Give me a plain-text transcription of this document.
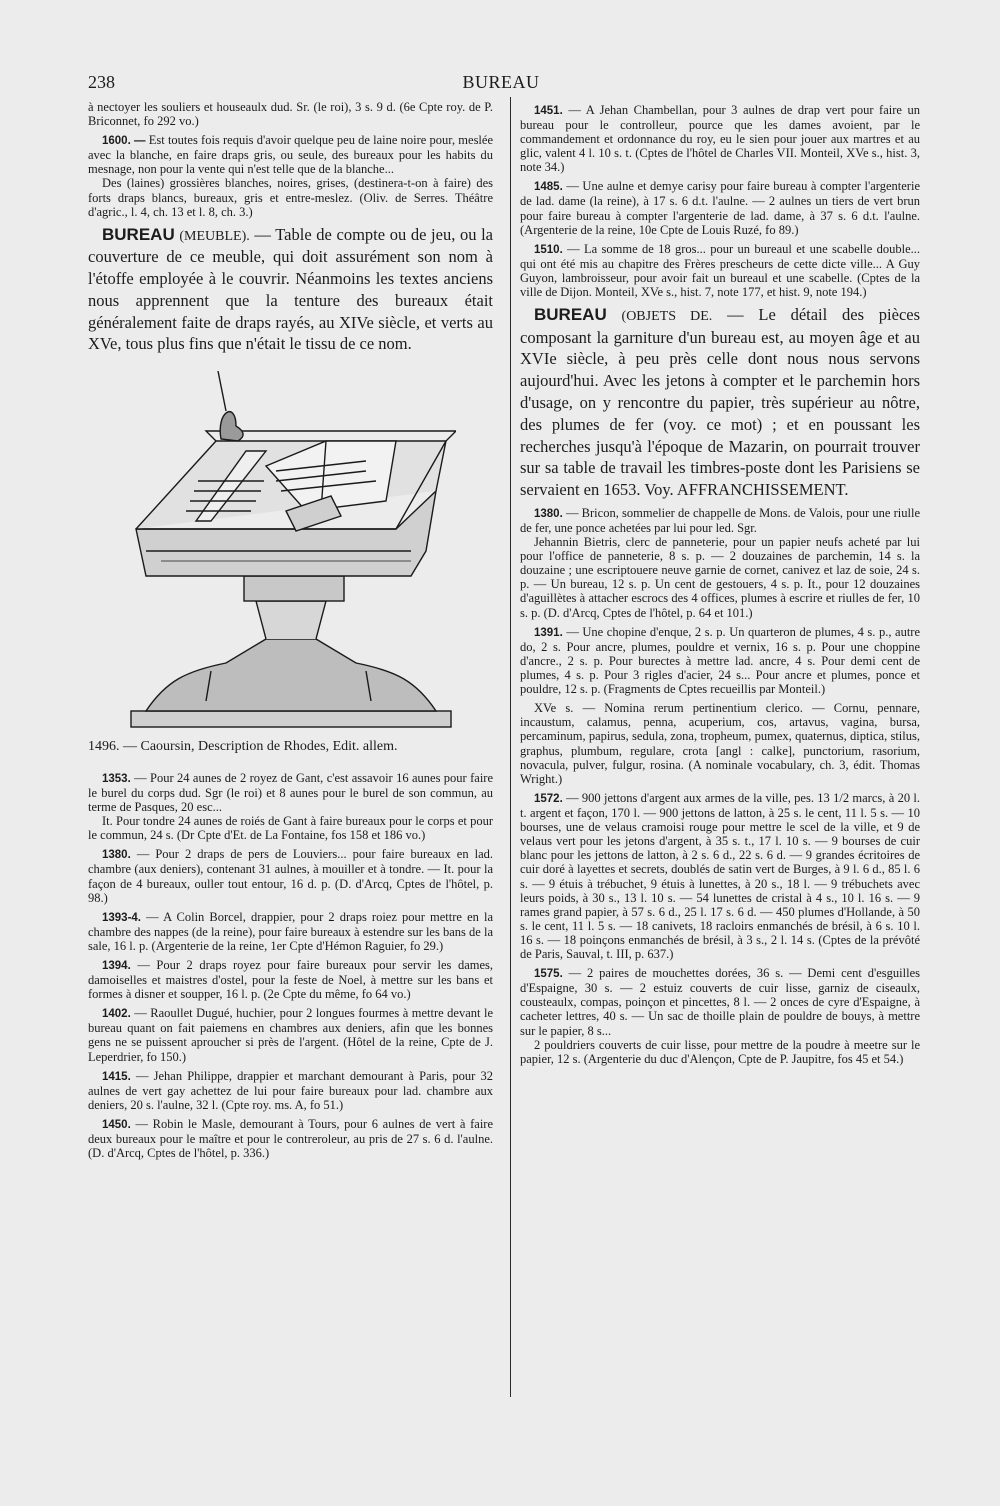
238	BUREAU

à nectoyer les souliers et houseaulx dud. Sr. (le roi), 3 s. 9 d. (6e Cpte roy. de P. Briconnet, fo 292 vo.)

1600. — Est toutes fois requis d'avoir quelque peu de laine noire pour, meslée avec la blanche, en faire draps gris, ou seule, des bureaux pour les habits du mesnage, non pour la vente qui n'est telle que de la blanche...

Des (laines) grossières blanches, noires, grises, (destinera-t-on à faire) des forts draps blancs, bureaux, gris et entre-meslez. (Oliv. de Serres. Théâtre d'agric., l. 4, ch. 13 et l. 8, ch. 3.)

BUREAU (MEUBLE). — Table de compte ou de jeu, ou la couverture de ce meuble, qui doit assurément son nom à l'étoffe employée à le couvrir. Néanmoins les textes anciens nous apprennent que la tenture des bureaux était généralement faite de draps rayés, au XIVe siècle, et verts au XVe, tous plus fins que n'était le tissu de ce nom.

1496. — Caoursin, Description de Rhodes, Edit. allem.

1353. — Pour 24 aunes de 2 royez de Gant, c'est assavoir 16 aunes pour faire le burel du corps dud. Sgr (le roi) et 8 aunes pour le burel de son commun, au terme de Pasques, 20 esc...

It. Pour tondre 24 aunes de roiés de Gant à faire bureaux pour le corps et pour le commun, 24 s. (Dr Cpte d'Et. de La Fontaine, fos 158 et 186 vo.)

1380. — Pour 2 draps de pers de Louviers... pour faire bureaux en lad. chambre (aux deniers), contenant 31 aulnes, à mouiller et à tondre. — It. pour la façon de 4 bureaux, ouller tout entour, 16 d. p. (D. d'Arcq, Cptes de l'hôtel, p. 98.)

1393-4. — A Colin Borcel, drappier, pour 2 draps roiez pour mettre en la chambre des nappes (de la reine), pour faire bureaux à estendre sur les bans de la sale, 16 l. p. (Argenterie de la reine, 1er Cpte d'Hémon Raguier, fo 29.)

1394. — Pour 2 draps royez pour faire bureaux pour servir les dames, damoiselles et maistres d'ostel, pour la feste de Noel, à mettre sur les bans et formes à disner et soupper, 16 l. p. (2e Cpte du même, fo 64 vo.)

1402. — Raoullet Dugué, huchier, pour 2 longues fourmes à mettre devant le bureau quant on fait paiemens en chambres aux deniers, afin que les bonnes gens ne se puissent aproucher si près de l'argent. (Hôtel de la reine, Cpte de J. Leperdrier, fo 150.)

1415. — Jehan Philippe, drappier et marchant demourant à Paris, pour 32 aulnes de vert gay achettez de lui pour faire bureaux pour lad. chambre aux deniers, 20 s. l'aulne, 32 l. (Cpte roy. ms. A, fo 51.)

1450. — Robin le Masle, demourant à Tours, pour 6 aulnes de vert à faire deux bureaux pour le maître et pour le contreroleur, au pris de 27 s. 6 d. l'aulne. (D. d'Arcq, Cptes de l'hôtel, p. 336.)

1451. — A Jehan Chambellan, pour 3 aulnes de drap vert pour faire un bureau pour le controlleur, pource que les dames avoient, par le commandement et ordonnance du roy, eu le sien pour jouer aux martres et au glic, valent 4 l. 10 s. t. (Cptes de l'hôtel de Charles VII. Monteil, XVe s., hist. 3, note 34.)

1485. — Une aulne et demye carisy pour faire bureau à compter l'argenterie de lad. dame (la reine), à 17 s. 6 d.t. l'aulne. — 2 aulnes un tiers de vert brun pour faire bureau à compter l'argenterie de lad. dame, à 37 s. 6 d.t. l'aulne. (Argenterie de la reine, 10e Cpte de Louis Ruzé, fo 89.)

1510. — La somme de 18 gros... pour un bureaul et une scabelle double... qui ont été mis au chapitre des Frères prescheurs de cette dicte ville... A Guy Guyon, lambroisseur, pour avoir fait un bureaul et une scabelle. (Cptes de la ville de Dijon. Monteil, XVe s., hist. 7, note 177, et hist. 9, note 194.)

BUREAU (OBJETS DE. — Le détail des pièces composant la garniture d'un bureau est, au moyen âge et au XVIe siècle, à peu près celle dont nous nous servons aujourd'hui. Avec les jetons à compter et le parchemin hors d'usage, on y rencontre du papier, très supérieur au nôtre, des plumes de fer (voy. ce mot) ; et en poussant les recherches jusqu'à l'époque de Mazarin, on pourrait trouver sur sa table de travail les timbres-poste dont les Parisiens se servaient en 1653. Voy. AFFRANCHISSEMENT.

1380. — Bricon, sommelier de chappelle de Mons. de Valois, pour une riulle de fer, une ponce achetées par lui pour led. Sgr.

Jehannin Bietris, clerc de panneterie, pour un papier neufs acheté par lui pour l'office de panneterie, 8 s. p. — 2 douzaines de parchemin, 14 s. la douzaine ; une escriptouere neuve garnie de cornet, canivez et laz de soie, 24 s. p. — Un bureau, 12 s. p. Un cent de gestouers, 4 s. p. It., pour 12 douzaines d'aguillètes à attacher escrocs des 4 offices, plumes à escrire et riulles de fer, 10 s. p. (D. d'Arcq, Cptes de l'hôtel, p. 64 et 101.)

1391. — Une chopine d'enque, 2 s. p. Un quarteron de plumes, 4 s. p., autre do, 2 s. Pour ancre, plumes, pouldre et vernix, 16 s. p. Pour une choppine d'ancre., 2 s. p. Pour burectes à mettre lad. ancre, 4 s. Pour demi cent de plumes, 4 s. p. Pour 3 rigles d'acier, 24 s... Pour ancre et plumes, ponce et pouldre, 12 s. p. (Fragments de Cptes recueillis par Monteil.)

XVe s. — Nomina rerum pertinentium clerico. — Cornu, pennare, incaustum, calamus, penna, acuperium, cos, artavus, vagina, bursa, percaminum, papirus, sedula, zona, tropheum, pumex, quaternus, diptica, stilus, graphus, plumbum, regulare, crota [angl : calke], punctorium, rasorium, novacula, pulver, fulgur, rosina. (A nominale vocabulary, ch. 3, édit. Thomas Wright.)

1572. — 900 jettons d'argent aux armes de la ville, pes. 13 1/2 marcs, à 20 l. t. argent et façon, 170 l. — 900 jettons de latton, à 25 s. le cent, 11 l. 5 s. — 10 bourses, une de velaus cramoisi rouge pour mettre le scel de la ville, et 9 de velaus vert pour les jetons d'argent, à 35 s. t., 17 l. 10 s. — 9 bourses de cuir blanc pour les jettons de latton, à 2 s. 6 d., 22 s. 6 d. — 9 grandes écritoires de cuir doré à layettes et secrets, doublés de satin vert de Burges, à 9 l. 6 d., 85 l. 6 s. — 9 étuis à trébuchet, 9 étuis à lunettes, à 20 s., 18 l. — 9 trébuchets avec leurs poids, à 30 s., 13 l. 10 s. — 54 lunettes de cristal à 4 s., 10 l. 16 s. — 9 rames grand papier, à 57 s. 6 d., 25 l. 17 s. 6 d. — 450 plumes d'Hollande, à 50 s. le cent, 11 l. 5 s. — 18 canivets, 18 racloirs enmanchés de brésil, à 6 s. 10 l. 16 s. — 18 poinçons enmanchés de brésil, à 3 s., 2 l. 14 s. (Cptes de la prévôté de Paris, Sauval, t. III, p. 637.)

1575. — 2 paires de mouchettes dorées, 36 s. — Demi cent d'esguilles d'Espaigne, 30 s. — 2 estuiz couverts de cuir lisse, garniz de ciseaulx, cousteaulx, compas, poinçon et pincettes, 8 l. — 2 onces de cyre d'Espaigne, à cacheter lettres, 40 s. — Un sac de thoille plain de pouldre de bouys, à mettre sur le papier, 8 s...

2 pouldriers couverts de cuir lisse, pour mettre de la poudre à meetre sur le papier, 12 s. (Argenterie du duc d'Alençon, Cpte de P. Jaupitre, fos 45 et 54.)
